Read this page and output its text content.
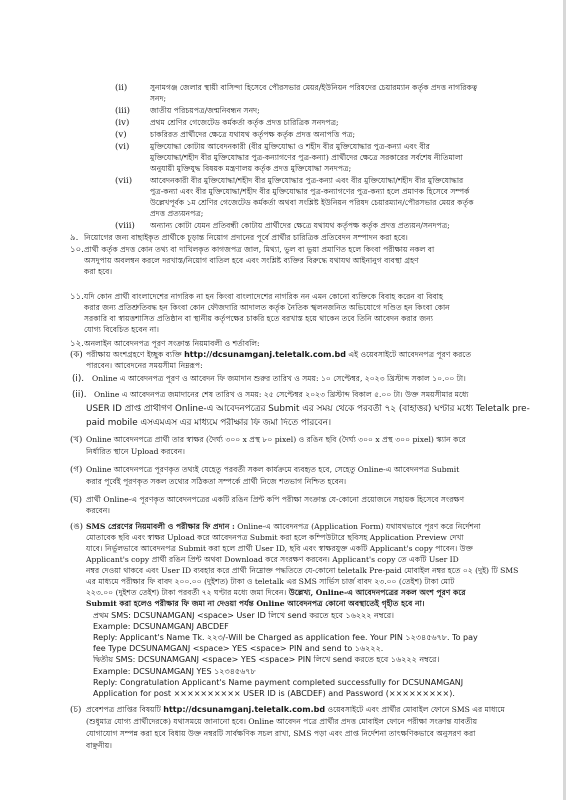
(ii)	সুনামগঞ্জ জেলার স্থায়ী বাসিন্দা হিসেবে পৌরসভার মেয়র/ইউনিয়ন পরিষদের চেয়ারম্যান কর্তৃক প্রদত্ত নাগরিকত্ব
সনদ;
(iii)	জাতীয় পরিচয়পত্র/জন্মনিবন্ধন সনদ;
(iv)	প্রথম শ্রেণির গেজেটেড কর্মকর্তা কর্তৃক প্রদত্ত চারিত্রিক সনদপত্র;
(v)	চাকরিরত প্রার্থীদের ক্ষেত্রে যথাযথ কর্তৃপক্ষ কর্তৃক প্রদত্ত অনাপত্তি পত্র;
(vi)	মুক্তিযোদ্ধা কোটায় আবেদনকারী (বীর মুক্তিযোদ্ধা ও শহীদ বীর মুক্তিযোদ্ধার পুত্র-কন্যা এবং বীর
মুক্তিযোদ্ধা/শহীদ বীর মুক্তিযোদ্ধার পুত্র-কন্যাগণের পুত্র-কন্যা) প্রার্থীদের ক্ষেত্রে সরকারের সর্বশেষ নীতিমালা
অনুযায়ী মুক্তিযুদ্ধ বিষয়ক মন্ত্রণালয় কর্তৃক প্রদত্ত মুক্তিযোদ্ধা সনদপত্র;
(vii) আবেদনকারী বীর মুক্তিযোদ্ধা/শহীদ বীর মুক্তিযোদ্ধার পুত্র-কন্যা এবং বীর মুক্তিযোদ্ধা/শহীদ বীর মুক্তিযোদ্ধার
পুত্র-কন্যা এবং বীর মুক্তিযোদ্ধা/শহীদ বীর মুক্তিযোদ্ধার পুত্র-কন্যাগণের পুত্র-কন্যা হলে প্রমাণক হিসেবে সম্পর্ক
উল্লেখপূর্বক ১ম শ্রেণির গেজেটেড কর্মকর্তা অথবা সংশ্লিষ্ট ইউনিয়ন পরিষদ চেয়ারম্যান/পৌরসভার মেয়র কর্তৃক
প্রদত্ত প্রত্যয়নপত্র;
(viii) অন্যান্য কোটা যেমন প্রতিবন্ধী কোটায় প্রার্থীদের ক্ষেত্রে যথাযথ কর্তৃপক্ষ কর্তৃক প্রদত্ত প্রত্যয়ন/সনদপত্র;
৯. নিয়োগের জন্য বাছাইকৃত প্রার্থীকে চূড়ান্ত নিয়োগ প্রদানের পূর্বে প্রার্থীর চারিত্রিক প্রতিবেদন সম্পাদন করা হবে।
১০. প্রার্থী কর্তৃক প্রদত্ত কোন তথ্য বা দাখিলকৃত কাগজপত্র জাল, মিথ্যা, ভুল বা ভুয়া প্রমাণিত হলে কিংবা পরীক্ষায় নকল বা
অসদুপায় অবলম্বন করলে দরখাস্ত/নিয়োগ বাতিল হবে এবং সংশ্লিষ্ট ব্যক্তির বিরুদ্ধে যথাযথ আইনানুগ ব্যবস্থা গ্রহণ
করা হবে।
১১. যদি কোন প্রার্থী বাংলাদেশের নাগরিক না হন কিংবা বাংলাদেশের নাগরিক নন এমন কোনো ব্যক্তিকে বিবাহ করেন বা বিবাহ
করার জন্য প্রতিশ্রুতিবদ্ধ হন কিংবা কোন ফৌজদারি আদালত কর্তৃক নৈতিক স্খলনজনিত অভিযোগে দণ্ডিত হন কিংবা কোন
সরকারি বা স্বায়ত্তশাসিত প্রতিষ্ঠান বা স্থানীয় কর্তৃপক্ষের চাকরি হতে বরখাস্ত হয়ে থাকেন তবে তিনি আবেদন করার জন্য
যোগ্য বিবেচিত হবেন না।
১২. অনলাইন আবেদনপত্র পূরণ সংক্রান্ত নিয়মাবলী ও শর্তাবলি:
(ক) পরীক্ষায় অংশগ্রহণে ইচ্ছুক ব্যক্তি http://dcsunamganj.teletalk.com.bd এই ওয়েবসাইটে আবেদনপত্র পূরণ করতে
পারবেন। আবেদনের সময়সীমা নিম্নরূপ:
(i). Online এ আবেদনপত্র পূরণ ও আবেদন ফি জমাদান শুরুর তারিখ ও সময়: ১০ সেপ্টেম্বর, ২০২৩ খ্রিস্টাব্দ সকাল ১০.০০ টা।
(ii). Online এ আবেদনপত্র জমাদানের শেষ তারিখ ও সময়: ২৫ সেপ্টেম্বর ২০২৩ খ্রিস্টাব্দ বিকাল ৫.০০ টা। উক্ত সময়সীমার মধ্যে
USER ID প্রাপ্ত প্রার্থীগণ Online-এ আবেদনপত্রের Submit এর সময় থেকে পরবর্তী ৭২ (বাহাত্তর) ঘণ্টার মধ্যে Teletalk pre-
paid mobile এসএমএস এর মাধ্যমে পরীক্ষার ফি জমা দিতে পারবেন।
(খ) Online আবেদনপত্রে প্রার্থী তার স্বাক্ষর (দৈর্ঘ্য ৩০০ x প্রস্থ ৮০ pixel) ও রঙিন ছবি (দৈর্ঘ্য ৩০০ x প্রস্থ ৩০০ pixel) স্ক্যান করে
নির্ধারিত স্থানে Upload করবেন।
(গ) Online আবেদনপত্রে পূরণকৃত তথ্যই যেহেতু পরবর্তী সকল কার্যক্রমে ব্যবহৃত হবে, সেহেতু Online-এ আবেদনপত্র Submit
করার পূর্বেই পূরণকৃত সকল তথ্যের সঠিকতা সম্পর্কে প্রার্থী নিজে শতভাগ নিশ্চিত হবেন।
(ঘ) প্রার্থী Online-এ পূরণকৃত আবেদনপত্রের একটি রঙিন প্রিন্ট কপি পরীক্ষা সংক্রান্ত যে-কোনো প্রয়োজনে সহায়ক হিসেবে সংরক্ষণ
করবেন।
(ঙ) SMS প্রেরণের নিয়মাবলী ও পরীক্ষার ফি প্রদান : Online-এ আবেদনপত্র (Application Form) যথাযথভাবে পূরণ করে নির্দেশনা
মোতাবেক ছবি এবং স্বাক্ষর Upload করে আবেদনপত্র Submit করা হলে কম্পিউটারে ছবিসহ Application Preview দেখা
যাবে। নির্ভুলভাবে আবেদনপত্র Submit করা হলে প্রার্থী User ID, ছবি এবং স্বাক্ষরযুক্ত একটি Applicant's copy পাবেন। উক্ত
Applicant's copy প্রার্থী রঙিন প্রিন্ট অথবা Download করে সংরক্ষণ করবেন। Applicant's copy তে একটি User ID
নম্বর দেওয়া থাকবে এবং User ID ব্যবহার করে প্রার্থী নিম্নোক্ত পদ্ধতিতে যে-কোনো teletalk Pre-paid মোবাইল নম্বর হতে ০২ (দুই) টি SMS
এর মাধ্যমে পরীক্ষার ফি বাবদ ২০০.০০ (দুইশত) টাকা ও teletalk এর SMS সার্ভিস চার্জ বাবদ ২৩.০০ (তেইশ) টাকা মোট
২২৩.০০ (দুইশত তেইশ) টাকা পরবর্তী ৭২ ঘণ্টার মধ্যে জমা দিবেন। উল্লেখ্য, Online-এ আবেদনপত্রের সকল অংশ পূরণ করে
Submit করা হলেও পরীক্ষার ফি জমা না দেওয়া পর্যন্ত Online আবেদনপত্র কোনো অবস্থাতেই গৃহীত হবে না।
প্রথম SMS: DCSUNAMGANJ <space> User ID লিখে send করতে হবে ১৬২২২ নম্বরে।
Example: DCSUNAMGANJ ABCDEF
Reply: Applicant's Name Tk. ২২৩/-Will be Charged as application fee. Your PIN ১২৩৪৫৬৭৮. To pay
fee Type DCSUNAMGANJ <space> YES <space> PIN and send to ১৬২২২.
দ্বিতীয় SMS: DCSUNAMGANJ <space> YES <space> PIN লিখে send করতে হবে ১৬২২২ নম্বরে।
Example: DCSUNAMGANJ YES ১২৩৪৫৬৭৮
Reply: Congratulation Applicant's Name payment completed successfully for DCSUNAMGANJ
Application for post ×××××××××× USER ID is (ABCDEF) and Password (×××××××××).
(চ) প্রবেশপত্র প্রাপ্তির বিষয়টি http://dcsunamganj.teletalk.com.bd ওয়েবসাইটে এবং প্রার্থীর মোবাইল ফোনে SMS এর মাধ্যমে
(শুধুমাত্র যোগ্য প্রার্থীদেরকে) যথাসময়ে জানানো হবে। Online আবেদন পত্রে প্রার্থীর প্রদত্ত মোবাইল ফোনে পরীক্ষা সংক্রান্ত যাবতীয়
যোগাযোগ সম্পন্ন করা হবে বিধায় উক্ত নম্বরটি সার্বক্ষণিক সচল রাখা, SMS পড়া এবং প্রাপ্ত নির্দেশনা তাৎক্ষণিকভাবে অনুসরণ করা
বাঞ্ছনীয়।
